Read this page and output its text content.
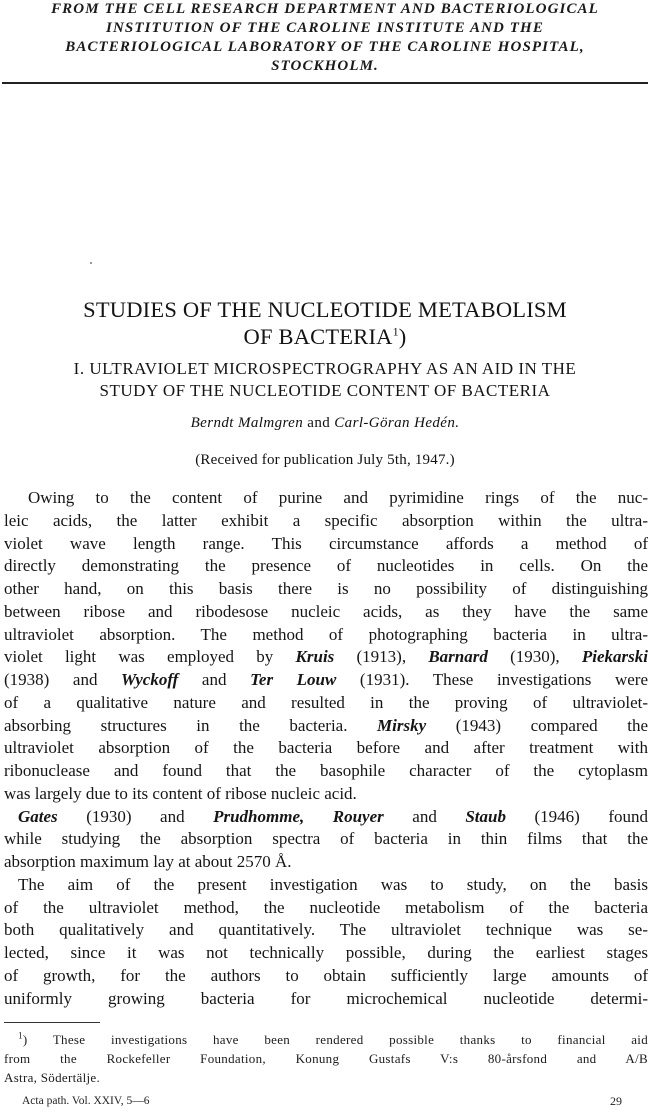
FROM THE CELL RESEARCH DEPARTMENT AND BACTERIOLOGICAL
INSTITUTION OF THE CAROLINE INSTITUTE AND THE
BACTERIOLOGICAL LABORATORY OF THE CAROLINE HOSPITAL,
STOCKHOLM.
STUDIES OF THE NUCLEOTIDE METABOLISM
OF BACTERIA$^1$)
I. ULTRAVIOLET MICROSPECTROGRAPHY AS AN AID IN THE
STUDY OF THE NUCLEOTIDE CONTENT OF BACTERIA
Berndt Malmgren and Carl-Göran Hedén.
(Received for publication July 5th, 1947.)
Owing to the content of purine and pyrimidine rings of the nuc-
leic acids, the latter exhibit a specific absorption within the ultra-
violet wave length range. This circumstance affords a method of
directly demonstrating the presence of nucleotides in cells. On the
other hand, on this basis there is no possibility of distinguishing
between ribose and ribodesose nucleic acids, as they have the same
ultraviolet absorption. The method of photographing bacteria in ultra-
violet light was employed by Kruis (1913), Barnard (1930), Piekarski
(1938) and Wyckoff and Ter Louw (1931). These investigations were
of a qualitative nature and resulted in the proving of ultraviolet-
absorbing structures in the bacteria. Mirsky (1943) compared the
ultraviolet absorption of the bacteria before and after treatment with
ribonuclease and found that the basophile character of the cytoplasm
was largely due to its content of ribose nucleic acid.
Gates (1930) and Prudhomme, Rouyer and Staub (1946) found
while studying the absorption spectra of bacteria in thin films that the
absorption maximum lay at about 2570 Å.
The aim of the present investigation was to study, on the basis
of the ultraviolet method, the nucleotide metabolism of the bacteria
both qualitatively and quantitatively. The ultraviolet technique was se-
lected, since it was not technically possible, during the earliest stages
of growth, for the authors to obtain sufficiently large amounts of
uniformly growing bacteria for microchemical nucleotide determi-
$^1$) These investigations have been rendered possible thanks to financial aid
from the Rockefeller Foundation, Konung Gustafs V:s 80-årsfond and A/B
Astra, Södertälje.
Acta path. Vol. XXIV, 5—6	29
